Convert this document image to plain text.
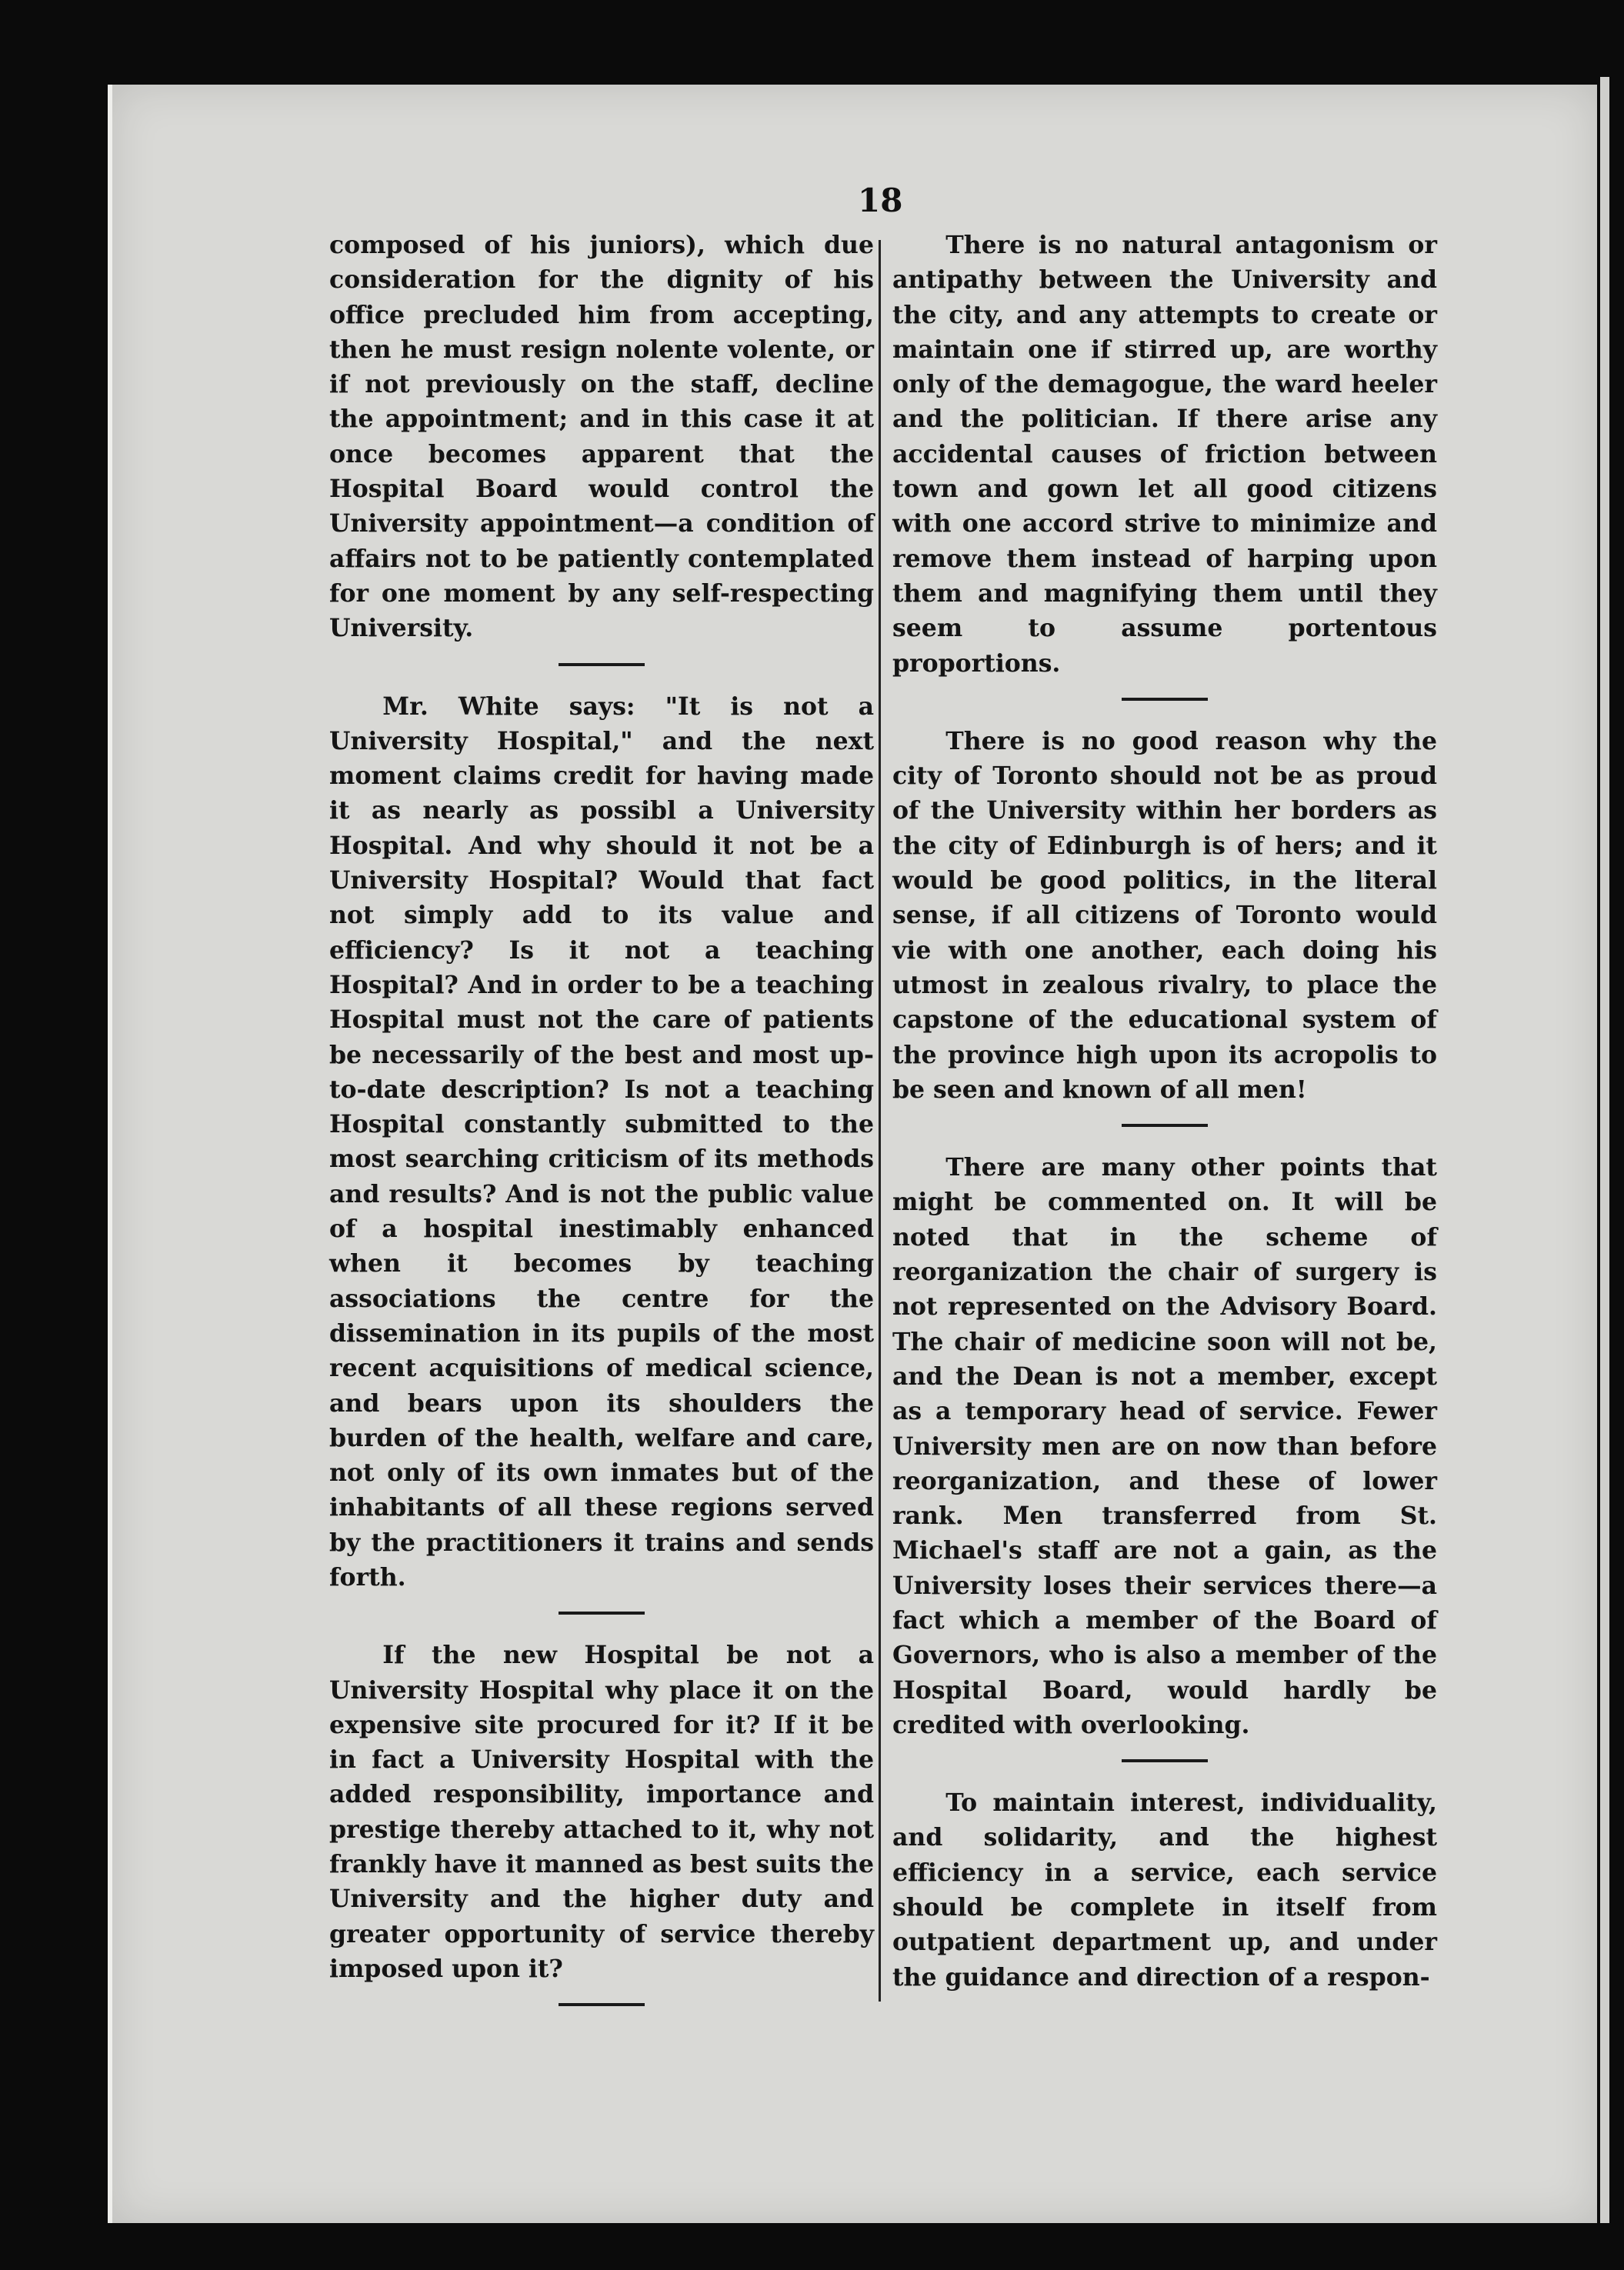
18

composed of his juniors), which due consideration for the dignity of his office precluded him from accepting, then he must resign nolente volente, or if not previously on the staff, decline the appointment; and in this case it at once becomes apparent that the Hospital Board would control the University appointment—a condition of affairs not to be patiently contemplated for one moment by any self-respecting University.

Mr. White says: "It is not a University Hospital," and the next moment claims credit for having made it as nearly as possibl a University Hospital. And why should it not be a University Hospital? Would that fact not simply add to its value and efficiency? Is it not a teaching Hospital? And in order to be a teaching Hospital must not the care of patients be necessarily of the best and most up-to-date description? Is not a teaching Hospital constantly submitted to the most searching criticism of its methods and results? And is not the public value of a hospital inestimably enhanced when it becomes by teaching associations the centre for the dissemination in its pupils of the most recent acquisitions of medical science, and bears upon its shoulders the burden of the health, welfare and care, not only of its own inmates but of the inhabitants of all these regions served by the practitioners it trains and sends forth.

If the new Hospital be not a University Hospital why place it on the expensive site procured for it? If it be in fact a University Hospital with the added responsibility, importance and prestige thereby attached to it, why not frankly have it manned as best suits the University and the higher duty and greater opportunity of service thereby imposed upon it?

There is no natural antagonism or antipathy between the University and the city, and any attempts to create or maintain one if stirred up, are worthy only of the demagogue, the ward heeler and the politician. If there arise any accidental causes of friction between town and gown let all good citizens with one accord strive to minimize and remove them instead of harping upon them and magnifying them until they seem to assume portentous proportions.

There is no good reason why the city of Toronto should not be as proud of the University within her borders as the city of Edinburgh is of hers; and it would be good politics, in the literal sense, if all citizens of Toronto would vie with one another, each doing his utmost in zealous rivalry, to place the capstone of the educational system of the province high upon its acropolis to be seen and known of all men!

There are many other points that might be commented on. It will be noted that in the scheme of reorganization the chair of surgery is not represented on the Advisory Board. The chair of medicine soon will not be, and the Dean is not a member, except as a temporary head of service. Fewer University men are on now than before reorganization, and these of lower rank. Men transferred from St. Michael's staff are not a gain, as the University loses their services there—a fact which a member of the Board of Governors, who is also a member of the Hospital Board, would hardly be credited with overlooking.

To maintain interest, individuality, and solidarity, and the highest efficiency in a service, each service should be complete in itself from outpatient department up, and under the guidance and direction of a respon-
